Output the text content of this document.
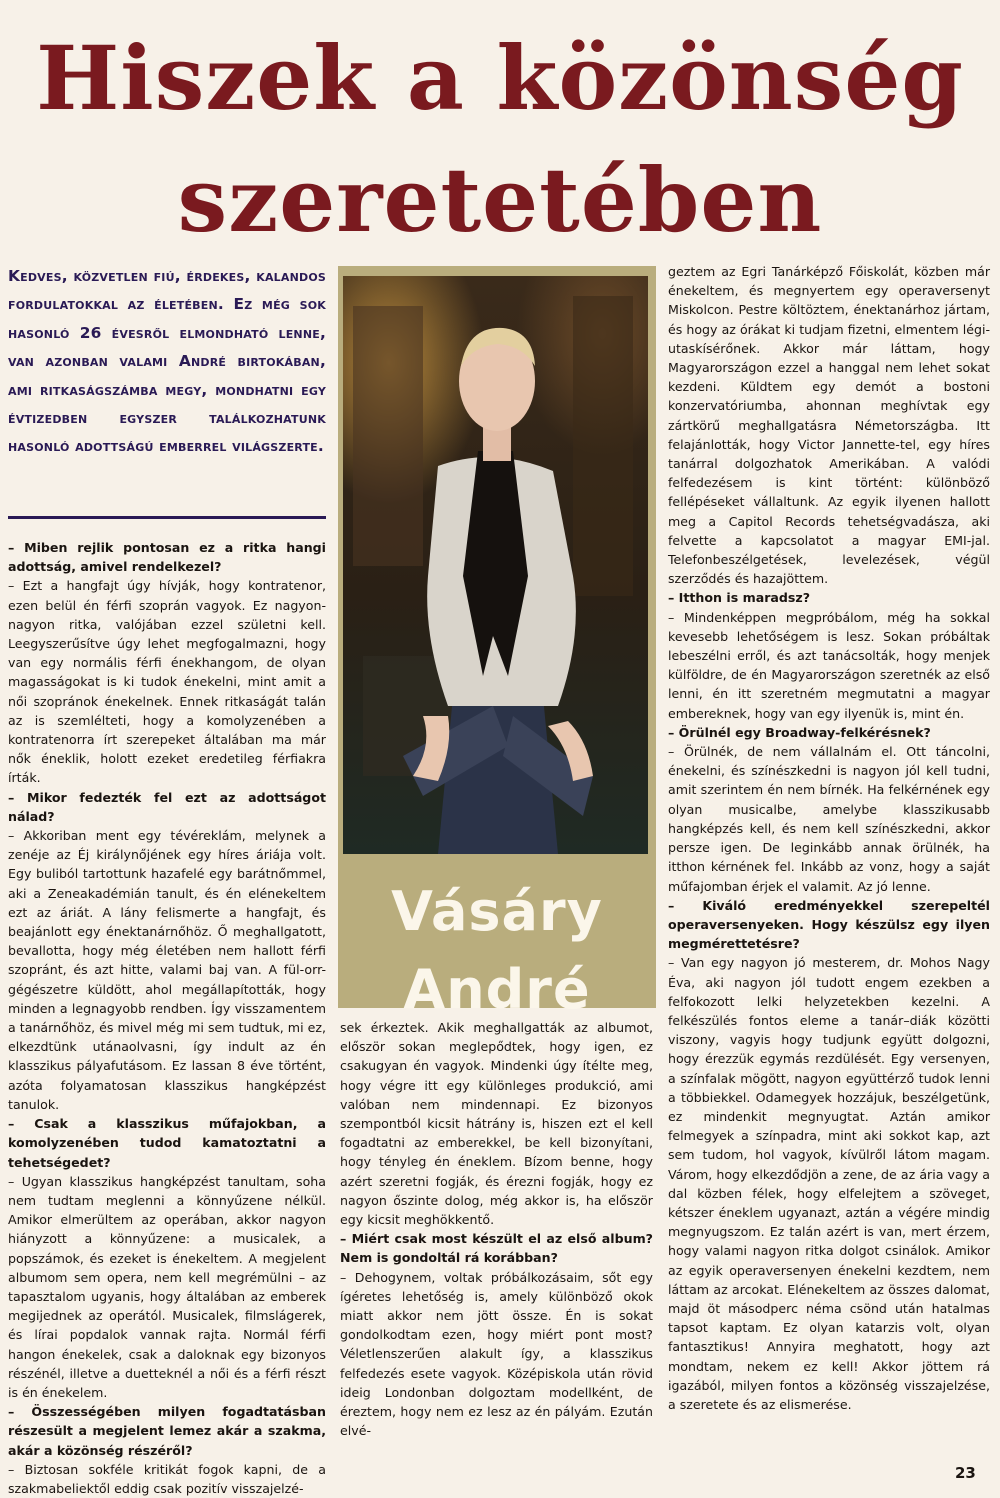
Hiszek a közönség
szeretetében
Kedves, közvetlen fiú, érdekes, kalandos fordulatokkal az életében. Ez még sok hasonló 26 évesről elmondható lenne, van azonban valami André birtokában, ami ritkaságszámba megy, mondhatni egy évtizedben egyszer találkozhatunk hasonló adottságú emberrel világszerte.

– Miben rejlik pontosan ez a ritka hangi adottság, amivel rendelkezel?

– Ezt a hangfajt úgy hívják, hogy kontratenor, ezen belül én férfi szoprán vagyok. Ez nagyon-nagyon ritka, valójában ezzel születni kell. Leegyszerűsítve úgy lehet megfogalmazni, hogy van egy normális férfi énekhangom, de olyan magasságokat is ki tudok énekelni, mint amit a női szopránok énekelnek. Ennek ritkaságát talán az is szemlélteti, hogy a komolyzenében a kontratenorra írt szerepeket általában ma már nők éneklik, holott ezeket eredetileg férfiakra írták.

– Mikor fedezték fel ezt az adottságot nálad?

– Akkoriban ment egy tévéreklám, melynek a zenéje az Éj királynőjének egy híres áriája volt. Egy buliból tartottunk hazafelé egy barátnőmmel, aki a Zeneakadémián tanult, és én elénekeltem ezt az áriát. A lány felismerte a hangfajt, és beajánlott egy énektanárnőhöz. Ő meghallgatott, bevallotta, hogy még életében nem hallott férfi szopránt, és azt hitte, valami baj van. A fül-orr-gégészetre küldött, ahol megállapították, hogy minden a legnagyobb rendben. Így visszamentem a tanárnőhöz, és mivel még mi sem tudtuk, mi ez, elkezdtünk utánaolvasni, így indult az én klasszikus pályafutásom. Ez lassan 8 éve történt, azóta folyamatosan klasszikus hangképzést tanulok.

– Csak a klasszikus műfajokban, a komolyzenében tudod kamatoztatni a tehetségedet?

– Ugyan klasszikus hangképzést tanultam, soha nem tudtam meglenni a könnyűzene nélkül. Amikor elmerültem az operában, akkor nagyon hiányzott a könnyűzene: a musicalek, a popszámok, és ezeket is énekeltem. A megjelent albumom sem opera, nem kell megrémülni – az tapasztalom ugyanis, hogy általában az emberek megijednek az operától. Musicalek, filmslágerek, és lírai popdalok vannak rajta. Normál férfi hangon énekelek, csak a daloknak egy bizonyos részénél, illetve a duetteknél a női és a férfi részt is én énekelem.

– Összességében milyen fogadtatásban részesült a megjelent lemez akár a szakma, akár a közönség részéről?

– Biztosan sokféle kritikát fogok kapni, de a szakmabeliektől eddig csak pozitív visszajelzé-

Vásáry
André

sek érkeztek. Akik meghallgatták az albumot, először sokan meglepődtek, hogy igen, ez csakugyan én vagyok. Mindenki úgy ítélte meg, hogy végre itt egy különleges produkció, ami valóban nem mindennapi. Ez bizonyos szempontból kicsit hátrány is, hiszen ezt el kell fogadtatni az emberekkel, be kell bizonyítani, hogy tényleg én éneklem. Bízom benne, hogy azért szeretni fogják, és érezni fogják, hogy ez nagyon őszinte dolog, még akkor is, ha először egy kicsit meghökkentő.

– Miért csak most készült el az első album? Nem is gondoltál rá korábban?

– Dehogynem, voltak próbálkozásaim, sőt egy ígéretes lehetőség is, amely különböző okok miatt akkor nem jött össze. Én is sokat gondolkodtam ezen, hogy miért pont most? Véletlenszerűen alakult így, a klasszikus felfedezés esete vagyok. Középiskola után rövid ideig Londonban dolgoztam modellként, de éreztem, hogy nem ez lesz az én pályám. Ezután elvé-

geztem az Egri Tanárképző Főiskolát, közben már énekeltem, és megnyertem egy operaversenyt Miskolcon. Pestre költöztem, énektanárhoz jártam, és hogy az órákat ki tudjam fizetni, elmentem légi-utaskísérőnek. Akkor már láttam, hogy Magyarországon ezzel a hanggal nem lehet sokat kezdeni. Küldtem egy demót a bostoni konzervatóriumba, ahonnan meghívtak egy zártkörű meghallgatásra Németországba. Itt felajánlották, hogy Victor Jannette-tel, egy híres tanárral dolgozhatok Amerikában. A valódi felfedezésem is kint történt: különböző fellépéseket vállaltunk. Az egyik ilyenen hallott meg a Capitol Records tehetségvadásza, aki felvette a kapcsolatot a magyar EMI-jal. Telefonbeszélgetések, levelezések, végül szerződés és hazajöttem.

– Itthon is maradsz?

– Mindenképpen megpróbálom, még ha sokkal kevesebb lehetőségem is lesz. Sokan próbáltak lebeszélni erről, és azt tanácsolták, hogy menjek külföldre, de én Magyarországon szeretnék az első lenni, én itt szeretném megmutatni a magyar embereknek, hogy van egy ilyenük is, mint én.

– Örülnél egy Broadway-felkérésnek?

– Örülnék, de nem vállalnám el. Ott táncolni, énekelni, és színészkedni is nagyon jól kell tudni, amit szerintem én nem bírnék. Ha felkérnének egy olyan musicalbe, amelybe klasszikusabb hangképzés kell, és nem kell színészkedni, akkor persze igen. De leginkább annak örülnék, ha itthon kérnének fel. Inkább az vonz, hogy a saját műfajomban érjek el valamit. Az jó lenne.

– Kiváló eredményekkel szerepeltél operaversenyeken. Hogy készülsz egy ilyen megmérettetésre?

– Van egy nagyon jó mesterem, dr. Mohos Nagy Éva, aki nagyon jól tudott engem ezekben a felfokozott lelki helyzetekben kezelni. A felkészülés fontos eleme a tanár–diák közötti viszony, vagyis hogy tudjunk együtt dolgozni, hogy érezzük egymás rezdülését. Egy versenyen, a színfalak mögött, nagyon együttérző tudok lenni a többiekkel. Odamegyek hozzájuk, beszélgetünk, ez mindenkit megnyugtat. Aztán amikor felmegyek a színpadra, mint aki sokkot kap, azt sem tudom, hol vagyok, kívülről látom magam. Várom, hogy elkezdődjön a zene, de az ária vagy a dal közben félek, hogy elfelejtem a szöveget, kétszer éneklem ugyanazt, aztán a végére mindig megnyugszom. Ez talán azért is van, mert érzem, hogy valami nagyon ritka dolgot csinálok. Amikor az egyik operaversenyen énekelni kezdtem, nem láttam az arcokat. Elénekeltem az összes dalomat, majd öt másodperc néma csönd után hatalmas tapsot kaptam. Ez olyan katarzis volt, olyan fantasztikus! Annyira meghatott, hogy azt mondtam, nekem ez kell! Akkor jöttem rá igazából, milyen fontos a közönség visszajelzése, a szeretete és az elismerése.

23
